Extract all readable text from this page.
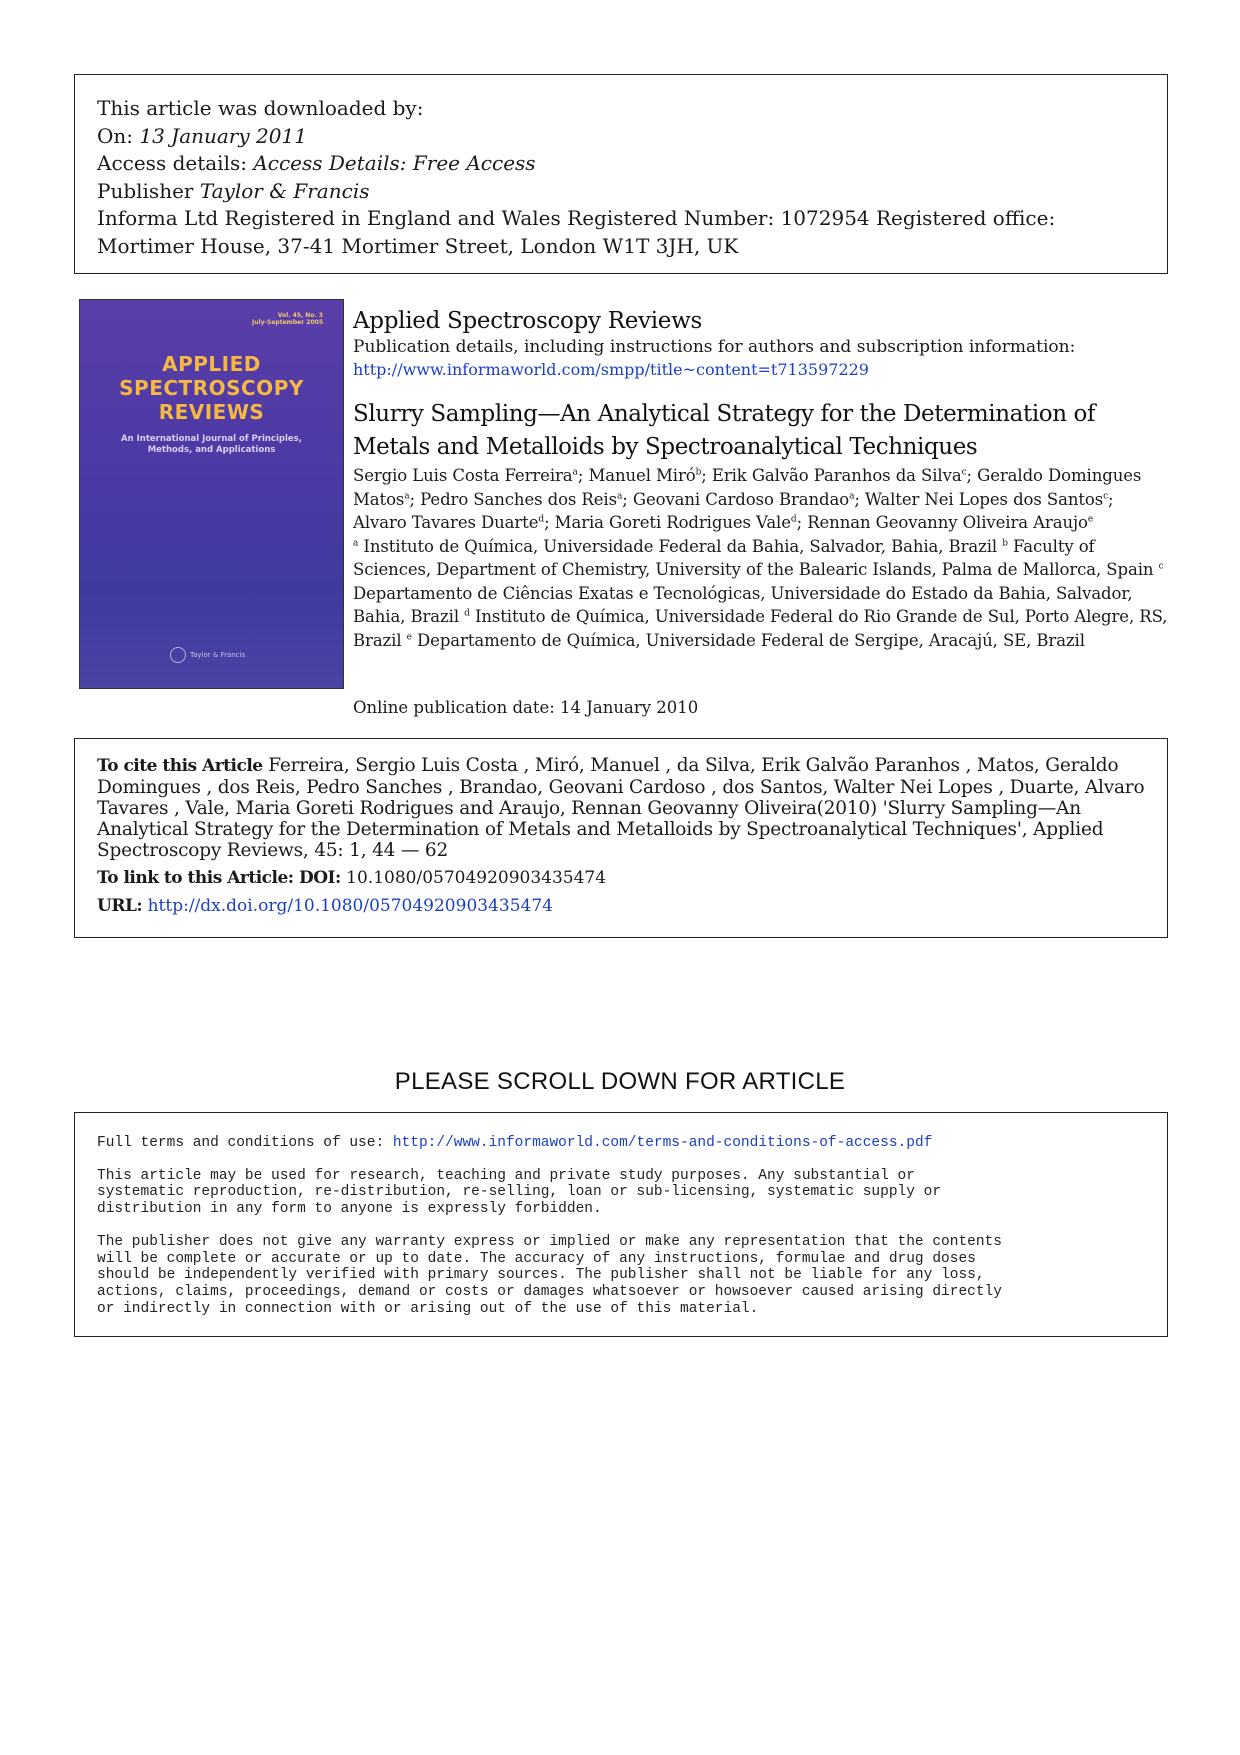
This article was downloaded by:
On: 13 January 2011
Access details: Access Details: Free Access
Publisher Taylor & Francis
Informa Ltd Registered in England and Wales Registered Number: 1072954 Registered office: Mortimer House, 37-41 Mortimer Street, London W1T 3JH, UK
Vol. 45, No. 3
July-September 2005
APPLIED
SPECTROSCOPY
REVIEWS
An International Journal of Principles,
Methods, and Applications
Taylor & Francis
Applied Spectroscopy Reviews
Publication details, including instructions for authors and subscription information:
http://www.informaworld.com/smpp/title~content=t713597229
Slurry Sampling—An Analytical Strategy for the Determination of Metals and Metalloids by Spectroanalytical Techniques
Sergio Luis Costa Ferreira$^a$; Manuel Miró$^b$; Erik Galvão Paranhos da Silva$^c$; Geraldo Domingues Matos$^a$; Pedro Sanches dos Reis$^a$; Geovani Cardoso Brandao$^a$; Walter Nei Lopes dos Santos$^c$; Alvaro Tavares Duarte$^d$; Maria Goreti Rodrigues Vale$^d$; Rennan Geovanny Oliveira Araujo$^e$
$^a$ Instituto de Química, Universidade Federal da Bahia, Salvador, Bahia, Brazil $^b$ Faculty of Sciences, Department of Chemistry, University of the Balearic Islands, Palma de Mallorca, Spain $^c$ Departamento de Ciências Exatas e Tecnológicas, Universidade do Estado da Bahia, Salvador, Bahia, Brazil $^d$ Instituto de Química, Universidade Federal do Rio Grande de Sul, Porto Alegre, RS, Brazil $^e$ Departamento de Química, Universidade Federal de Sergipe, Aracajú, SE, Brazil
Online publication date: 14 January 2010
To cite this Article Ferreira, Sergio Luis Costa , Miró, Manuel , da Silva, Erik Galvão Paranhos , Matos, Geraldo Domingues , dos Reis, Pedro Sanches , Brandao, Geovani Cardoso , dos Santos, Walter Nei Lopes , Duarte, Alvaro Tavares , Vale, Maria Goreti Rodrigues and Araujo, Rennan Geovanny Oliveira(2010) 'Slurry Sampling—An Analytical Strategy for the Determination of Metals and Metalloids by Spectroanalytical Techniques', Applied Spectroscopy Reviews, 45: 1, 44 — 62
To link to this Article: DOI: 10.1080/05704920903435474
URL: http://dx.doi.org/10.1080/05704920903435474
PLEASE SCROLL DOWN FOR ARTICLE

Full terms and conditions of use: http://www.informaworld.com/terms-and-conditions-of-access.pdf

This article may be used for research, teaching and private study purposes. Any substantial or
systematic reproduction, re-distribution, re-selling, loan or sub-licensing, systematic supply or
distribution in any form to anyone is expressly forbidden.

The publisher does not give any warranty express or implied or make any representation that the contents
will be complete or accurate or up to date. The accuracy of any instructions, formulae and drug doses
should be independently verified with primary sources. The publisher shall not be liable for any loss,
actions, claims, proceedings, demand or costs or damages whatsoever or howsoever caused arising directly
or indirectly in connection with or arising out of the use of this material.
